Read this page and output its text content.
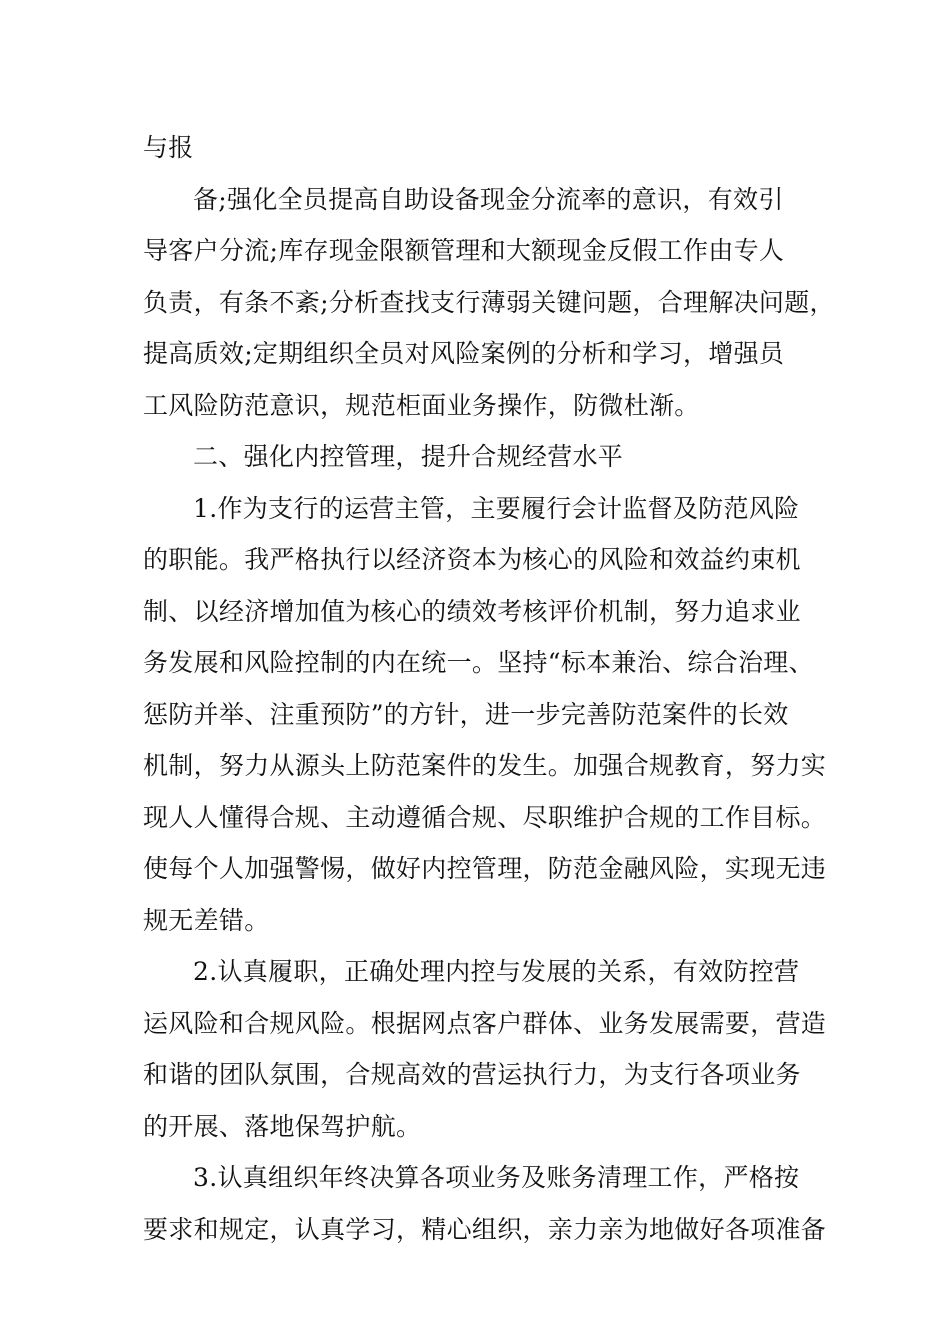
与报
备;强化全员提高自助设备现金分流率的意识，有效引
导客户分流;库存现金限额管理和大额现金反假工作由专人
负责，有条不紊;分析查找支行薄弱关键问题，合理解决问题，
提高质效;定期组织全员对风险案例的分析和学习，增强员
工风险防范意识，规范柜面业务操作，防微杜渐。
二、强化内控管理，提升合规经营水平
1.作为支行的运营主管，主要履行会计监督及防范风险
的职能。我严格执行以经济资本为核心的风险和效益约束机
制、以经济增加值为核心的绩效考核评价机制，努力追求业
务发展和风险控制的内在统一。坚持“标本兼治、综合治理、
惩防并举、注重预防”的方针，进一步完善防范案件的长效
机制，努力从源头上防范案件的发生。加强合规教育，努力实
现人人懂得合规、主动遵循合规、尽职维护合规的工作目标。
使每个人加强警惕，做好内控管理，防范金融风险，实现无违
规无差错。
2.认真履职，正确处理内控与发展的关系，有效防控营
运风险和合规风险。根据网点客户群体、业务发展需要，营造
和谐的团队氛围，合规高效的营运执行力，为支行各项业务
的开展、落地保驾护航。
3.认真组织年终决算各项业务及账务清理工作，严格按
要求和规定，认真学习，精心组织，亲力亲为地做好各项准备
